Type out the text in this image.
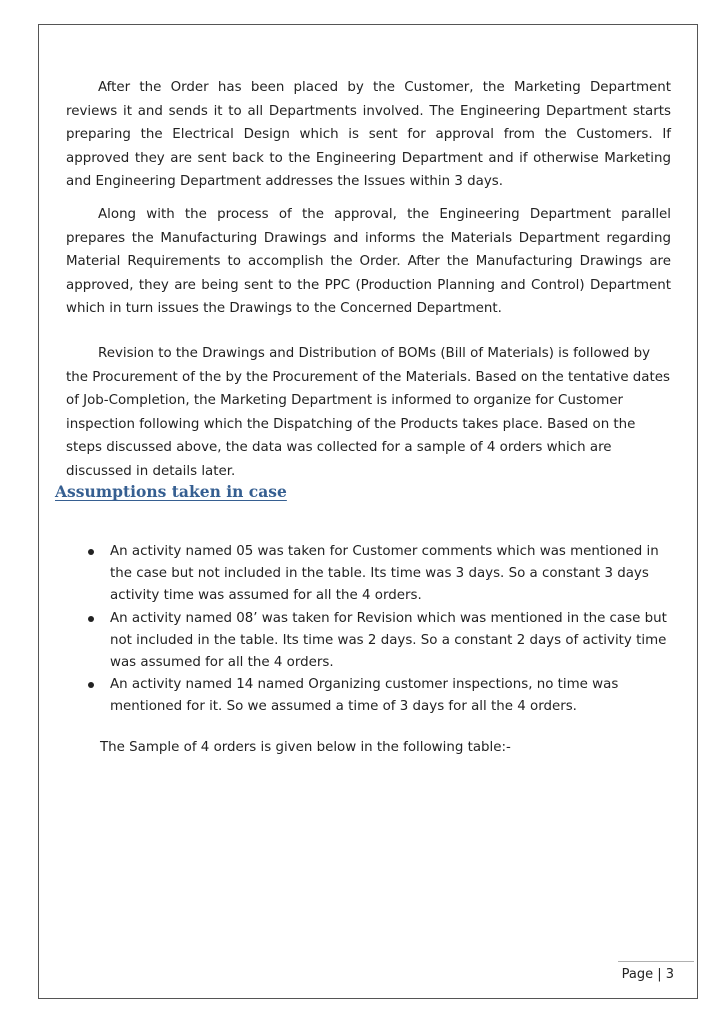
After the Order has been placed by the Customer, the Marketing Department reviews it and sends it to all Departments involved. The Engineering Department starts preparing the Electrical Design which is sent for approval from the Customers. If approved they are sent back to the Engineering Department and if otherwise Marketing and Engineering Department addresses the Issues within 3 days.

Along with the process of the approval, the Engineering Department parallel prepares the Manufacturing Drawings and informs the Materials Department regarding Material Requirements to accomplish the Order. After the Manufacturing Drawings are approved, they are being sent to the PPC (Production Planning and Control) Department which in turn issues the Drawings to the Concerned Department.

Revision to the Drawings and Distribution of BOMs (Bill of Materials) is followed by the Procurement of the by the Procurement of the Materials. Based on the tentative dates of Job-Completion, the Marketing Department is informed to organize for Customer inspection following which the Dispatching of the Products takes place. Based on the steps discussed above, the data was collected for a sample of 4 orders which are discussed in details later.

Assumptions taken in case
An activity named 05 was taken for Customer comments which was mentioned in the case but not included in the table. Its time was 3 days. So a constant 3 days activity time was assumed for all the 4 orders.
An activity named 08’ was taken for Revision which was mentioned in the case but not included in the table. Its time was 2 days. So a constant 2 days of activity time was assumed for all the 4 orders.
An activity named 14 named Organizing customer inspections, no time was mentioned for it. So we assumed a time of 3 days for all the 4 orders.

The Sample of 4 orders is given below in the following table:-

Page | 3
